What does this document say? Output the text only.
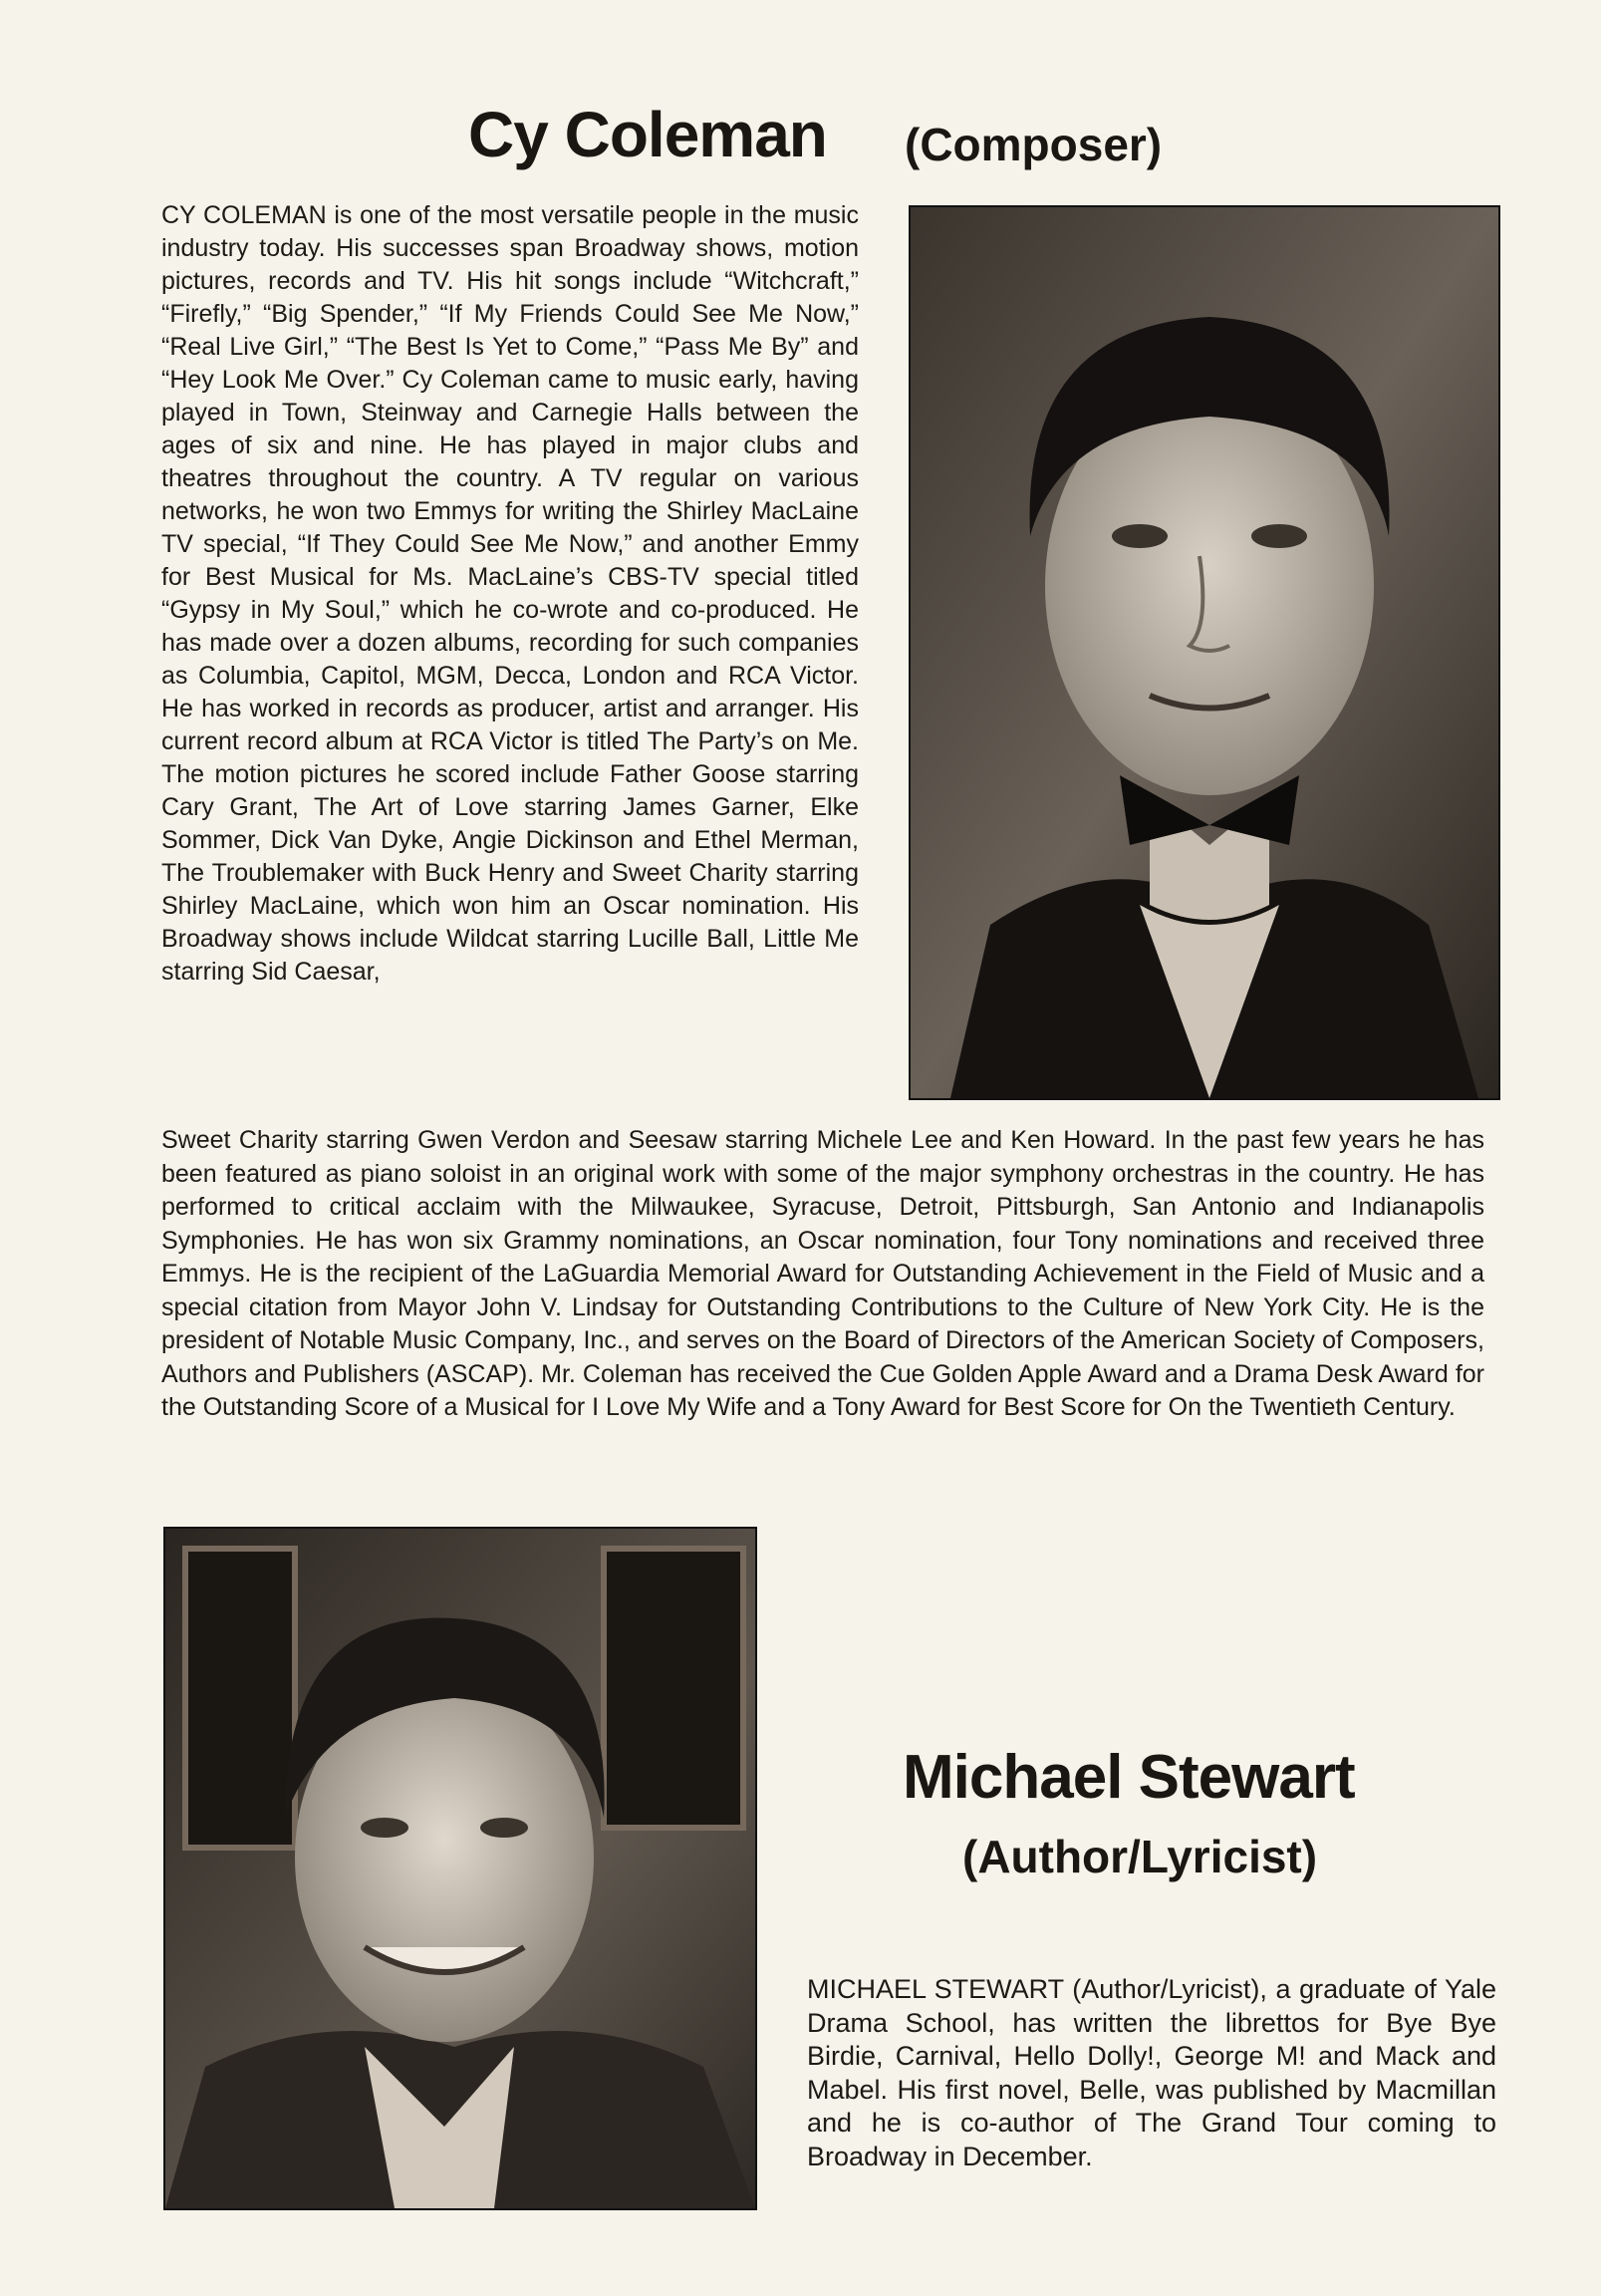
Cy Coleman (Composer)
CY COLEMAN is one of the most versatile people in the music industry today. His successes span Broadway shows, motion pictures, records and TV. His hit songs include “Witchcraft,” “Firefly,” “Big Spender,” “If My Friends Could See Me Now,” “Real Live Girl,” “The Best Is Yet to Come,” “Pass Me By” and “Hey Look Me Over.” Cy Coleman came to music early, having played in Town, Steinway and Carnegie Halls between the ages of six and nine. He has played in major clubs and theatres throughout the country. A TV regular on various networks, he won two Emmys for writing the Shirley MacLaine TV special, “If They Could See Me Now,” and another Emmy for Best Musical for Ms. MacLaine’s CBS-TV special titled “Gypsy in My Soul,” which he co-wrote and co-produced. He has made over a dozen albums, recording for such companies as Columbia, Capitol, MGM, Decca, London and RCA Victor. He has worked in records as producer, artist and arranger. His current record album at RCA Victor is titled The Party’s on Me. The motion pictures he scored include Father Goose starring Cary Grant, The Art of Love starring James Garner, Elke Sommer, Dick Van Dyke, Angie Dickinson and Ethel Merman, The Troublemaker with Buck Henry and Sweet Charity starring Shirley MacLaine, which won him an Oscar nomination. His Broadway shows include Wildcat starring Lucille Ball, Little Me starring Sid Caesar,
Sweet Charity starring Gwen Verdon and Seesaw starring Michele Lee and Ken Howard. In the past few years he has been featured as piano soloist in an original work with some of the major symphony orchestras in the country. He has performed to critical acclaim with the Milwaukee, Syracuse, Detroit, Pittsburgh, San Antonio and Indianapolis Symphonies. He has won six Grammy nominations, an Oscar nomination, four Tony nominations and received three Emmys. He is the recipient of the LaGuardia Memorial Award for Outstanding Achievement in the Field of Music and a special citation from Mayor John V. Lindsay for Outstanding Contributions to the Culture of New York City. He is the president of Notable Music Company, Inc., and serves on the Board of Directors of the American Society of Composers, Authors and Publishers (ASCAP). Mr. Coleman has received the Cue Golden Apple Award and a Drama Desk Award for the Outstanding Score of a Musical for I Love My Wife and a Tony Award for Best Score for On the Twentieth Century.
Michael Stewart
(Author/Lyricist)
MICHAEL STEWART (Author/Lyricist), a graduate of Yale Drama School, has written the librettos for Bye Bye Birdie, Carnival, Hello Dolly!, George M! and Mack and Mabel. His first novel, Belle, was published by Macmillan and he is co-author of The Grand Tour coming to Broadway in December.
